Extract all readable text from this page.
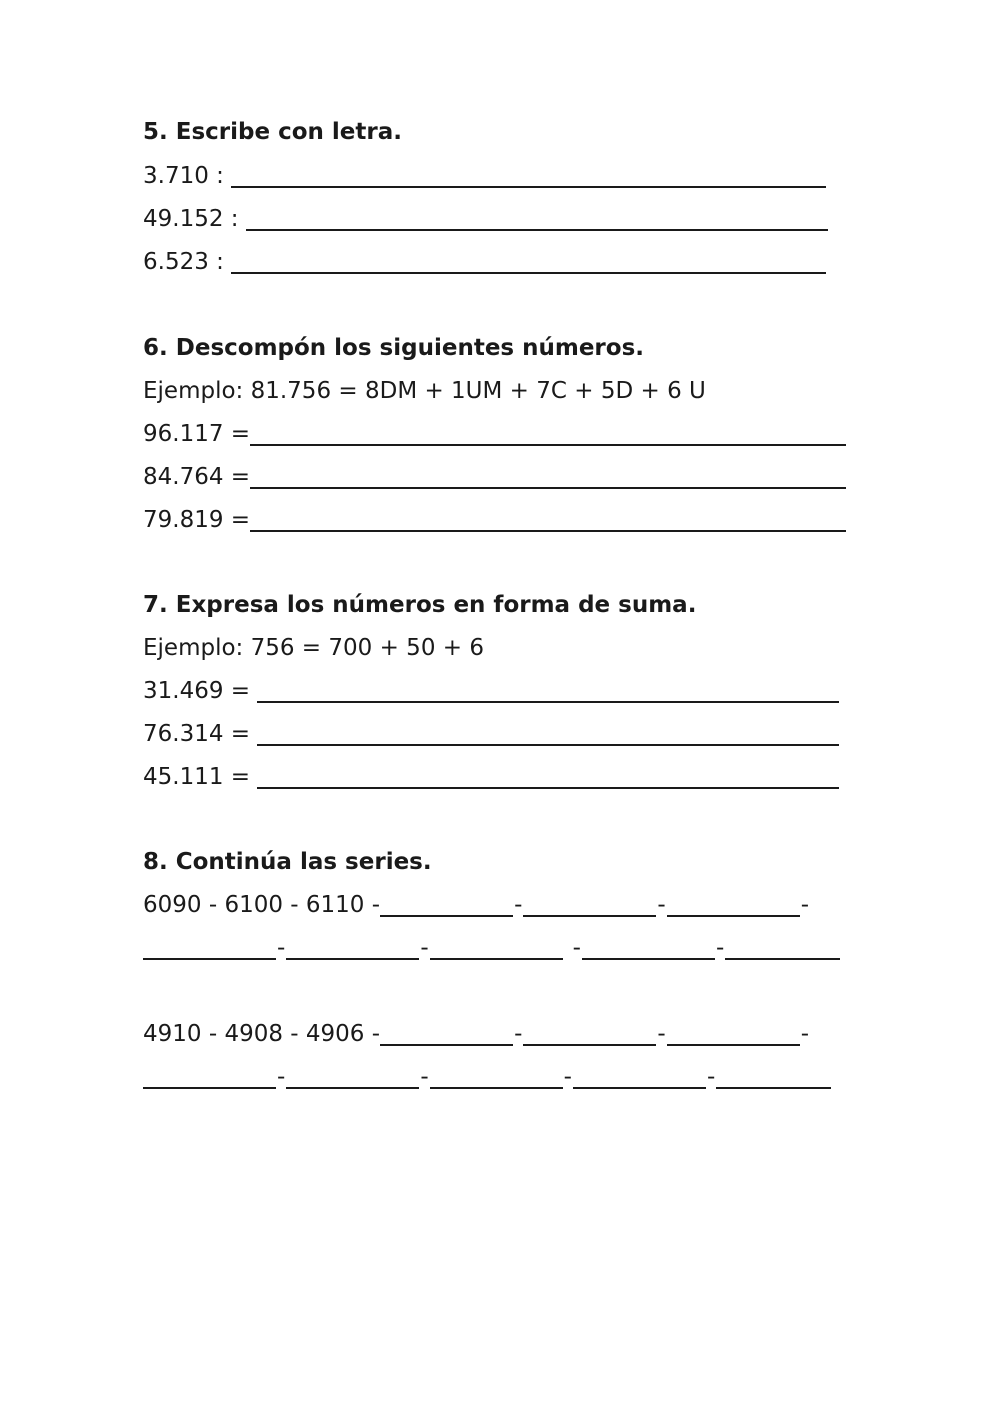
5. Escribe con letra.
3.710 :
49.152 :
6.523 :
6. Descompón los siguientes números.
Ejemplo: 81.756 = 8DM + 1UM + 7C + 5D + 6 U
96.117 =
84.764 =
79.819 =
7. Expresa los números en forma de suma.
Ejemplo: 756 = 700 + 50 + 6
31.469 =
76.314 =
45.111 =
8. Continúa las series.
6090 - 6100 - 6110 -	-	-	-
-	-	-	-
4910 - 4908 - 4906 -	-	-	-
-	-	-	-
